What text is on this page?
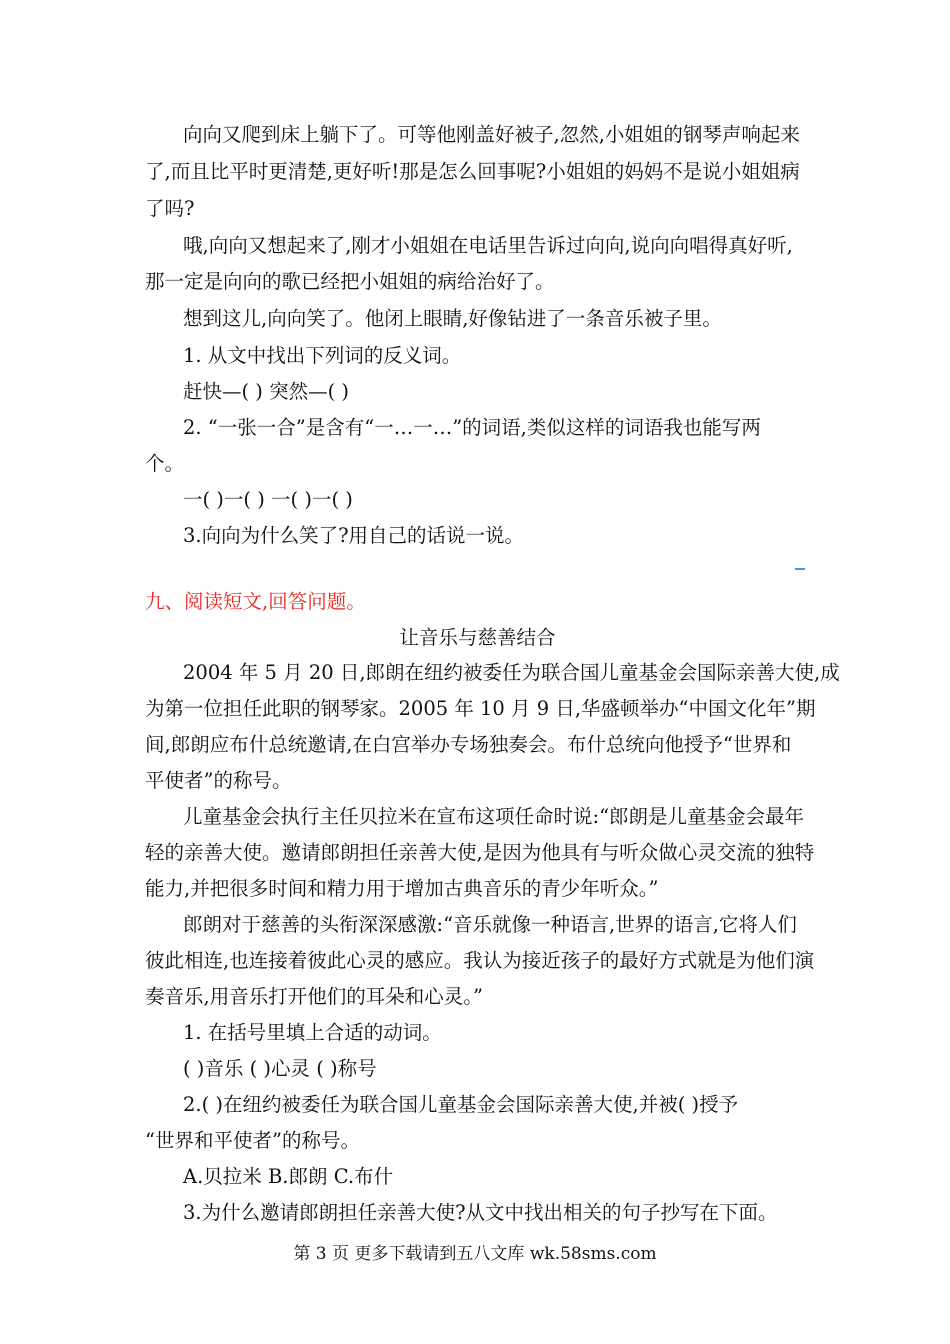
向向又爬到床上躺下了。可等他刚盖好被子,忽然,小姐姐的钢琴声响起来
了,而且比平时更清楚,更好听!那是怎么回事呢?小姐姐的妈妈不是说小姐姐病
了吗?
哦,向向又想起来了,刚才小姐姐在电话里告诉过向向,说向向唱得真好听,
那一定是向向的歌已经把小姐姐的病给治好了。
想到这儿,向向笑了。他闭上眼睛,好像钻进了一条音乐被子里。
1. 从文中找出下列词的反义词。
赶快—( ) 突然—( )
2. “一张一合”是含有“一…一…”的词语,类似这样的词语我也能写两
个。
一( )一( ) 一( )一( )
3.向向为什么笑了?用自己的话说一说。
九、阅读短文,回答问题。
让音乐与慈善结合
2004 年 5 月 20 日,郎朗在纽约被委任为联合国儿童基金会国际亲善大使,成
为第一位担任此职的钢琴家。2005 年 10 月 9 日,华盛顿举办“中国文化年”期
间,郎朗应布什总统邀请,在白宫举办专场独奏会。布什总统向他授予“世界和
平使者”的称号。
儿童基金会执行主任贝拉米在宣布这项任命时说:“郎朗是儿童基金会最年
轻的亲善大使。邀请郎朗担任亲善大使,是因为他具有与听众做心灵交流的独特
能力,并把很多时间和精力用于增加古典音乐的青少年听众。”
郎朗对于慈善的头衔深深感激:“音乐就像一种语言,世界的语言,它将人们
彼此相连,也连接着彼此心灵的感应。我认为接近孩子的最好方式就是为他们演
奏音乐,用音乐打开他们的耳朵和心灵。”
1. 在括号里填上合适的动词。
( )音乐 ( )心灵 ( )称号
2.( )在纽约被委任为联合国儿童基金会国际亲善大使,并被( )授予
“世界和平使者”的称号。
A.贝拉米 B.郎朗 C.布什
3.为什么邀请郎朗担任亲善大使?从文中找出相关的句子抄写在下面。
第 3 页 更多下载请到五八文库 wk.58sms.com
